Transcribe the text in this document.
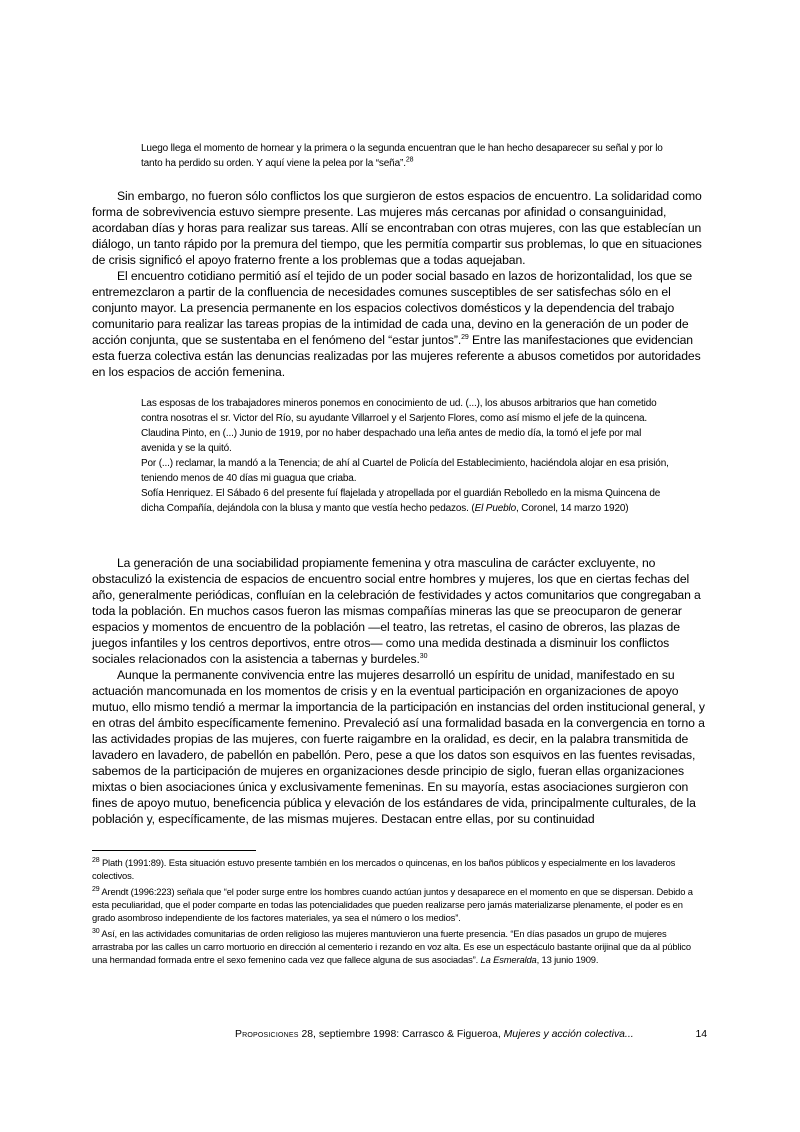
Luego llega el momento de hornear y la primera o la segunda encuentran que le han hecho desaparecer su señal y por lo tanto ha perdido su orden. Y aquí viene la pelea por la “seña”.$^{28}$

Sin embargo, no fueron sólo conflictos los que surgieron de estos espacios de encuentro. La solidaridad como forma de sobrevivencia estuvo siempre presente. Las mujeres más cercanas por afinidad o consanguinidad, acordaban días y horas para realizar sus tareas. Allí se encontraban con otras mujeres, con las que establecían un diálogo, un tanto rápido por la premura del tiempo, que les permitía compartir sus problemas, lo que en situaciones de crisis significó el apoyo fraterno frente a los problemas que a todas aquejaban.

El encuentro cotidiano permitió así el tejido de un poder social basado en lazos de horizontalidad, los que se entremezclaron a partir de la confluencia de necesidades comunes susceptibles de ser satisfechas sólo en el conjunto mayor. La presencia permanente en los espacios colectivos domésticos y la dependencia del trabajo comunitario para realizar las tareas propias de la intimidad de cada una, devino en la generación de un poder de acción conjunta, que se sustentaba en el fenómeno del “estar juntos”.$^{29}$ Entre las manifestaciones que evidencian esta fuerza colectiva están las denuncias realizadas por las mujeres referente a abusos cometidos por autoridades en los espacios de acción femenina.

Las esposas de los trabajadores mineros ponemos en conocimiento de ud. (...), los abusos arbitrarios que han cometido contra nosotras el sr. Victor del Río, su ayudante Villarroel y el Sarjento Flores, como así mismo el jefe de la quincena.

Claudina Pinto, en (...) Junio de 1919, por no haber despachado una leña antes de medio día, la tomó el jefe por mal avenida y se la quitó.

Por (...) reclamar, la mandó a la Tenencia; de ahí al Cuartel de Policía del Establecimiento, haciéndola alojar en esa prisión, teniendo menos de 40 días mi guagua que criaba.

Sofía Henriquez. El Sábado 6 del presente fuí flajelada y atropellada por el guardián Rebolledo en la misma Quincena de dicha Compañía, dejándola con la blusa y manto que vestía hecho pedazos. (El Pueblo, Coronel, 14 marzo 1920)

La generación de una sociabilidad propiamente femenina y otra masculina de carácter excluyente, no obstaculizó la existencia de espacios de encuentro social entre hombres y mujeres, los que en ciertas fechas del año, generalmente periódicas, confluían en la celebración de festividades y actos comunitarios que congregaban a toda la población. En muchos casos fueron las mismas compañías mineras las que se preocuparon de generar espacios y momentos de encuentro de la población —el teatro, las retretas, el casino de obreros, las plazas de juegos infantiles y los centros deportivos, entre otros— como una medida destinada a disminuir los conflictos sociales relacionados con la asistencia a tabernas y burdeles.$^{30}$

Aunque la permanente convivencia entre las mujeres desarrolló un espíritu de unidad, manifestado en su actuación mancomunada en los momentos de crisis y en la eventual participación en organizaciones de apoyo mutuo, ello mismo tendió a mermar la importancia de la participación en instancias del orden institucional general, y en otras del ámbito específicamente femenino. Prevaleció así una formalidad basada en la convergencia en torno a las actividades propias de las mujeres, con fuerte raigambre en la oralidad, es decir, en la palabra transmitida de lavadero en lavadero, de pabellón en pabellón. Pero, pese a que los datos son esquivos en las fuentes revisadas, sabemos de la participación de mujeres en organizaciones desde principio de siglo, fueran ellas organizaciones mixtas o bien asociaciones única y exclusivamente femeninas. En su mayoría, estas asociaciones surgieron con fines de apoyo mutuo, beneficencia pública y elevación de los estándares de vida, principalmente culturales, de la población y, específicamente, de las mismas mujeres. Destacan entre ellas, por su continuidad

$^{28}$ Plath (1991:89). Esta situación estuvo presente también en los mercados o quincenas, en los baños públicos y especialmente en los lavaderos colectivos.

$^{29}$ Arendt (1996:223) señala que “el poder surge entre los hombres cuando actúan juntos y desaparece en el momento en que se dispersan. Debido a esta peculiaridad, que el poder comparte en todas las potencialidades que pueden realizarse pero jamás materializarse plenamente, el poder es en grado asombroso independiente de los factores materiales, ya sea el número o los medios”.

$^{30}$ Así, en las actividades comunitarias de orden religioso las mujeres mantuvieron una fuerte presencia. “En días pasados un grupo de mujeres arrastraba por las calles un carro mortuorio en dirección al cementerio i rezando en voz alta. Es ese un espectáculo bastante orijinal que da al público una hermandad formada entre el sexo femenino cada vez que fallece alguna de sus asociadas”. La Esmeralda, 13 junio 1909.

Proposiciones 28, septiembre 1998: Carrasco & Figueroa, Mujeres y acción colectiva...	14
